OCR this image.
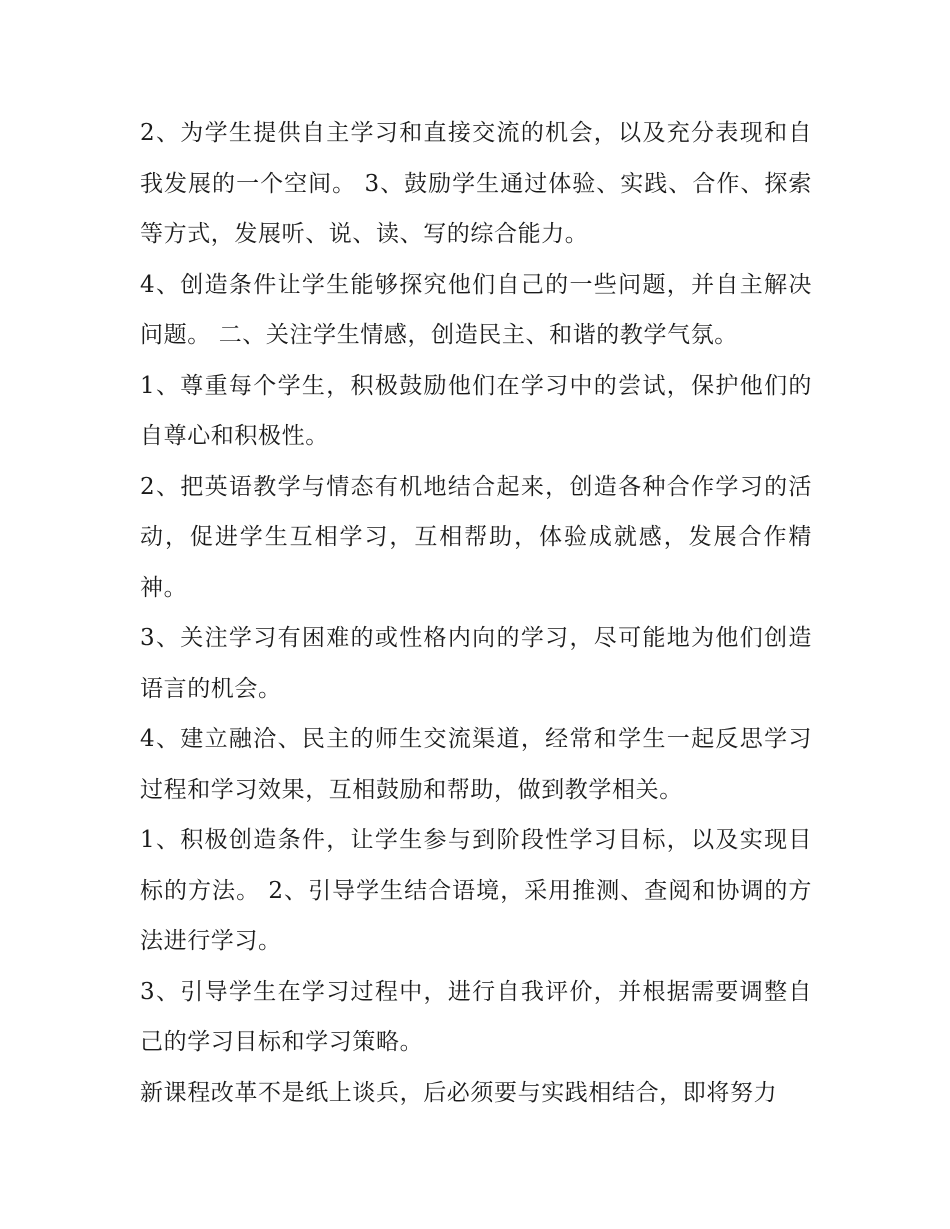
2、为学生提供自主学习和直接交流的机会，以及充分表现和自我发展的一个空间。 3、鼓励学生通过体验、实践、合作、探索等方式，发展听、说、读、写的综合能力。

4、创造条件让学生能够探究他们自己的一些问题，并自主解决问题。 二、关注学生情感，创造民主、和谐的教学气氛。

1、尊重每个学生，积极鼓励他们在学习中的尝试，保护他们的自尊心和积极性。

2、把英语教学与情态有机地结合起来，创造各种合作学习的活动，促进学生互相学习，互相帮助，体验成就感，发展合作精神。

3、关注学习有困难的或性格内向的学习，尽可能地为他们创造语言的机会。

4、建立融洽、民主的师生交流渠道，经常和学生一起反思学习过程和学习效果，互相鼓励和帮助，做到教学相关。

1、积极创造条件，让学生参与到阶段性学习目标，以及实现目标的方法。 2、引导学生结合语境，采用推测、查阅和协调的方法进行学习。

3、引导学生在学习过程中，进行自我评价，并根据需要调整自己的学习目标和学习策略。

新课程改革不是纸上谈兵，后必须要与实践相结合，即将努力
